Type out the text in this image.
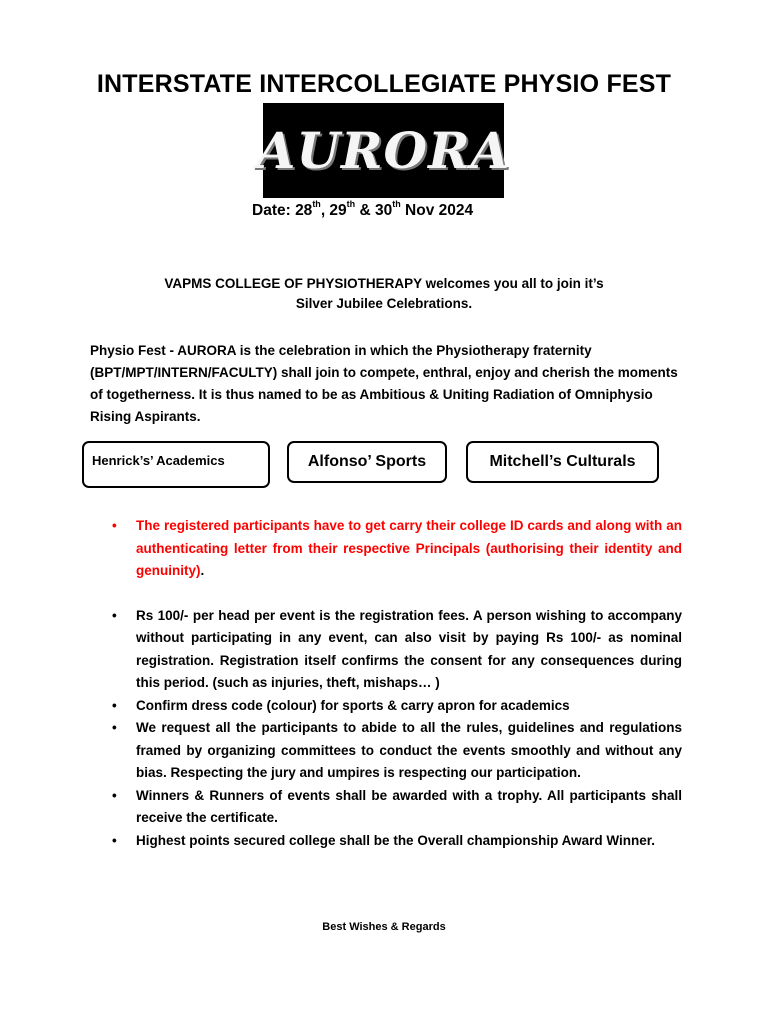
INTERSTATE INTERCOLLEGIATE PHYSIO FEST
AURORA
Date: 28th, 29th & 30th Nov 2024
VAPMS COLLEGE OF PHYSIOTHERAPY welcomes you all to join it’s
Silver Jubilee Celebrations.
Physio Fest - AURORA is the celebration in which the Physiotherapy fraternity (BPT/MPT/INTERN/FACULTY) shall join to compete, enthral, enjoy and cherish the moments of togetherness. It is thus named to be as Ambitious & Uniting Radiation of Omniphysio Rising Aspirants.
Henrick’s’ Academics	Alfonso’ Sports	Mitchell’s Culturals
• The registered participants have to get carry their college ID cards and along with an authenticating letter from their respective Principals (authorising their identity and genuinity).
• Rs 100/- per head per event is the registration fees. A person wishing to accompany without participating in any event, can also visit by paying Rs 100/- as nominal registration. Registration itself confirms the consent for any consequences during this period. (such as injuries, theft, mishaps… )
• Confirm dress code (colour) for sports & carry apron for academics
• We request all the participants to abide to all the rules, guidelines and regulations framed by organizing committees to conduct the events smoothly and without any bias. Respecting the jury and umpires is respecting our participation.
• Winners & Runners of events shall be awarded with a trophy. All participants shall receive the certificate.
• Highest points secured college shall be the Overall championship Award Winner.
Best Wishes & Regards
